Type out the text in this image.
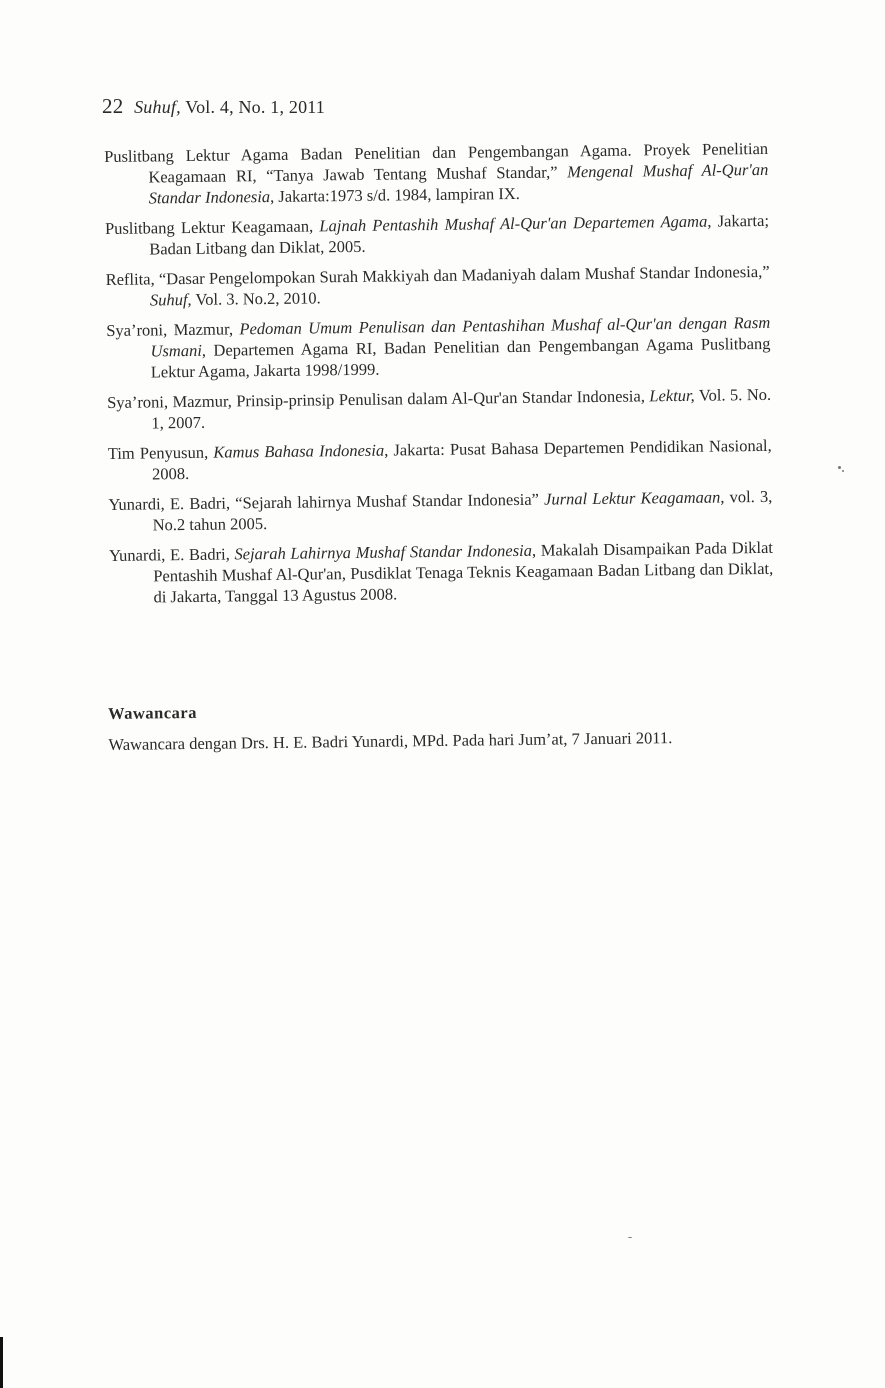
22 Suhuf, Vol. 4, No. 1, 2011

Puslitbang Lektur Agama Badan Penelitian dan Pengembangan Agama. Proyek Penelitian Keagamaan RI, “Tanya Jawab Tentang Mushaf Standar,” Mengenal Mushaf Al-Qur'an Standar Indonesia, Jakarta:1973 s/d. 1984, lampiran IX.

Puslitbang Lektur Keagamaan, Lajnah Pentashih Mushaf Al-Qur'an Departemen Agama, Jakarta; Badan Litbang dan Diklat, 2005.

Reflita, “Dasar Pengelompokan Surah Makkiyah dan Madaniyah dalam Mushaf Standar Indonesia,” Suhuf, Vol. 3. No.2, 2010.

Sya’roni, Mazmur, Pedoman Umum Penulisan dan Pentashihan Mushaf al-Qur'an dengan Rasm Usmani, Departemen Agama RI, Badan Penelitian dan Pengembangan Agama Puslitbang Lektur Agama, Jakarta 1998/1999.

Sya’roni, Mazmur, Prinsip-prinsip Penulisan dalam Al-Qur'an Standar Indonesia, Lektur, Vol. 5. No. 1, 2007.

Tim Penyusun, Kamus Bahasa Indonesia, Jakarta: Pusat Bahasa Departemen Pendidikan Nasional, 2008.

Yunardi, E. Badri, “Sejarah lahirnya Mushaf Standar Indonesia” Jurnal Lektur Keagamaan, vol. 3, No.2 tahun 2005.

Yunardi, E. Badri, Sejarah Lahirnya Mushaf Standar Indonesia, Makalah Disampaikan Pada Diklat Pentashih Mushaf Al-Qur'an, Pusdiklat Tenaga Teknis Keagamaan Badan Litbang dan Diklat, di Jakarta, Tanggal 13 Agustus 2008.

Wawancara

Wawancara dengan Drs. H. E. Badri Yunardi, MPd. Pada hari Jum’at, 7 Januari 2011.
